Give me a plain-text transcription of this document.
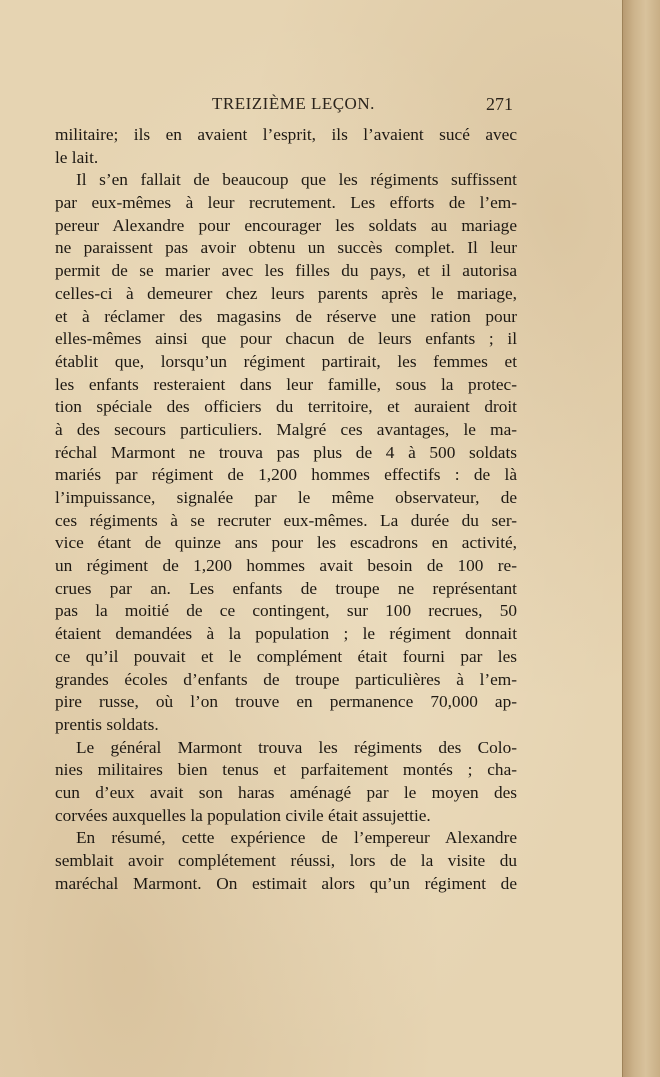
TREIZIÈME LEÇON.	271
militaire; ils en avaient l’esprit, ils l’avaient sucé avec
le lait.
Il s’en fallait de beaucoup que les régiments suffissent
par eux-mêmes à leur recrutement. Les efforts de l’em-
pereur Alexandre pour encourager les soldats au mariage
ne paraissent pas avoir obtenu un succès complet. Il leur
permit de se marier avec les filles du pays, et il autorisa
celles-ci à demeurer chez leurs parents après le mariage,
et à réclamer des magasins de réserve une ration pour
elles-mêmes ainsi que pour chacun de leurs enfants ; il
établit que, lorsqu’un régiment partirait, les femmes et
les enfants resteraient dans leur famille, sous la protec-
tion spéciale des officiers du territoire, et auraient droit
à des secours particuliers. Malgré ces avantages, le ma-
réchal Marmont ne trouva pas plus de 4 à 500 soldats
mariés par régiment de 1,200 hommes effectifs : de là
l’impuissance, signalée par le même observateur, de
ces régiments à se recruter eux-mêmes. La durée du ser-
vice étant de quinze ans pour les escadrons en activité,
un régiment de 1,200 hommes avait besoin de 100 re-
crues par an. Les enfants de troupe ne représentant
pas la moitié de ce contingent, sur 100 recrues, 50
étaient demandées à la population ; le régiment donnait
ce qu’il pouvait et le complément était fourni par les
grandes écoles d’enfants de troupe particulières à l’em-
pire russe, où l’on trouve en permanence 70,000 ap-
prentis soldats.
Le général Marmont trouva les régiments des Colo-
nies militaires bien tenus et parfaitement montés ; cha-
cun d’eux avait son haras aménagé par le moyen des
corvées auxquelles la population civile était assujettie.
En résumé, cette expérience de l’empereur Alexandre
semblait avoir complétement réussi, lors de la visite du
maréchal Marmont. On estimait alors qu’un régiment de
